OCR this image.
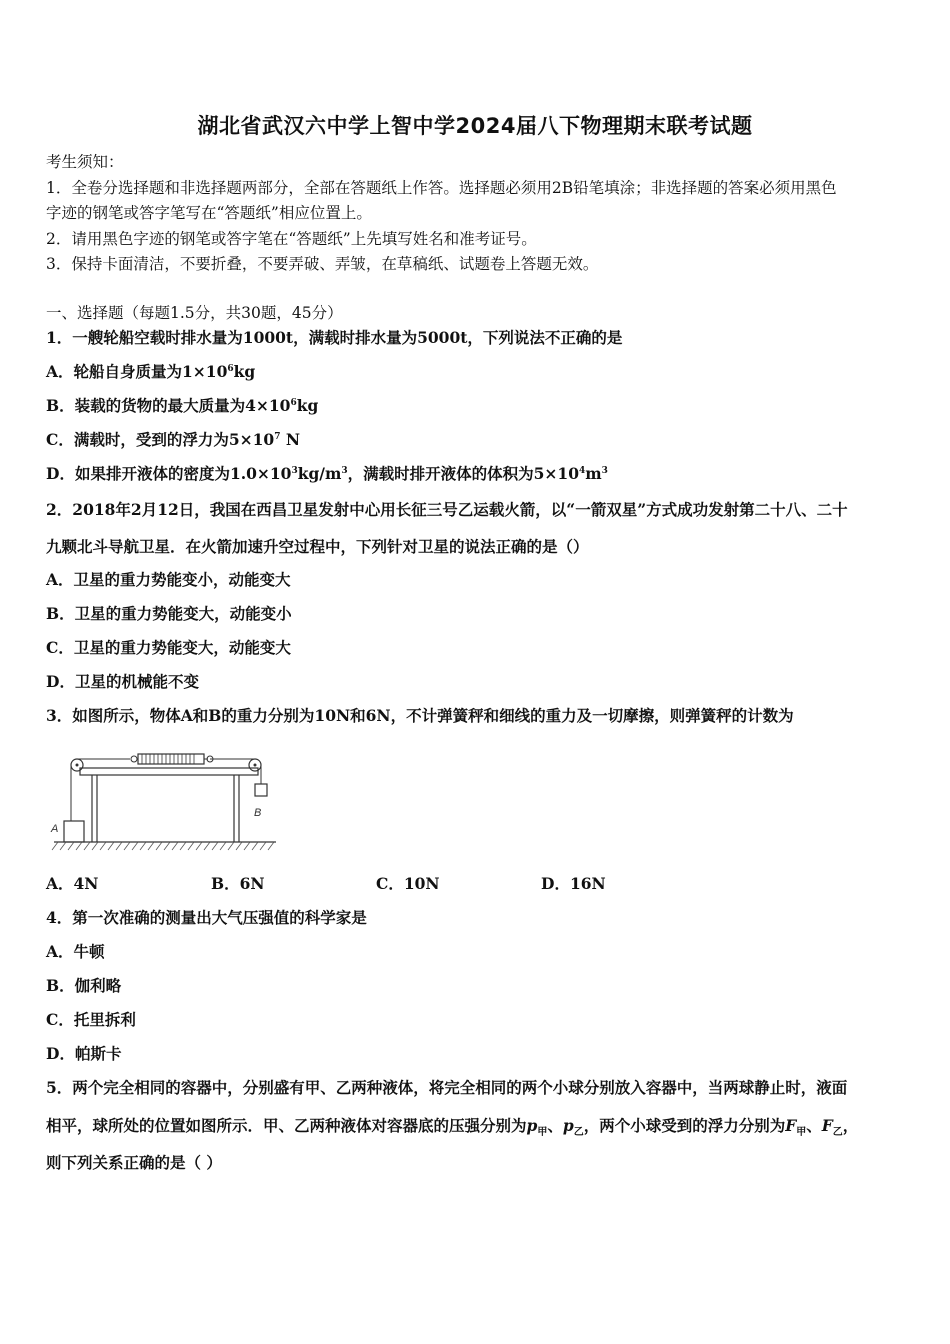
湖北省武汉六中学上智中学2024届八下物理期末联考试题
考生须知：
1．全卷分选择题和非选择题两部分，全部在答题纸上作答。选择题必须用2B铅笔填涂；非选择题的答案必须用黑色
字迹的钢笔或答字笔写在“答题纸”相应位置上。
2．请用黑色字迹的钢笔或答字笔在“答题纸”上先填写姓名和准考证号。
3．保持卡面清洁，不要折叠，不要弄破、弄皱，在草稿纸、试题卷上答题无效。
一、选择题（每题1.5分，共30题，45分）
1．一艘轮船空载时排水量为1000t，满载时排水量为5000t，下列说法不正确的是
A．轮船自身质量为$1\times 10^6kg$
B．装载的货物的最大质量为$4\times 10^6kg$
C．满载时，受到的浮力为$5\times 10^7$ N
D．如果排开液体的密度为$1.0\times 10^3kg/m^3$，满载时排开液体的体积为$5\times 10^4m^3$
2．2018年2月12日，我国在西昌卫星发射中心用长征三号乙运载火箭，以“一箭双星”方式成功发射第二十八、二十
九颗北斗导航卫星．在火箭加速升空过程中，下列针对卫星的说法正确的是（）
A．卫星的重力势能变小，动能变大
B．卫星的重力势能变大，动能变小
C．卫星的重力势能变大，动能变大
D．卫星的机械能不变
3．如图所示，物体A和B的重力分别为10N和6N，不计弹簧秤和细线的重力及一切摩擦，则弹簧秤的计数为
A
B
A．4N	B．6N	C．10N	D．16N
4．第一次准确的测量出大气压强值的科学家是
A．牛顿
B．伽利略
C．托里拆利
D．帕斯卡
5．两个完全相同的容器中，分别盛有甲、乙两种液体，将完全相同的两个小球分别放入容器中，当两球静止时，液面
相平，球所处的位置如图所示．甲、乙两种液体对容器底的压强分别为$p_甲$、$p_乙$，两个小球受到的浮力分别为$F_甲$、$F_乙$，
则下列关系正确的是（ ）
